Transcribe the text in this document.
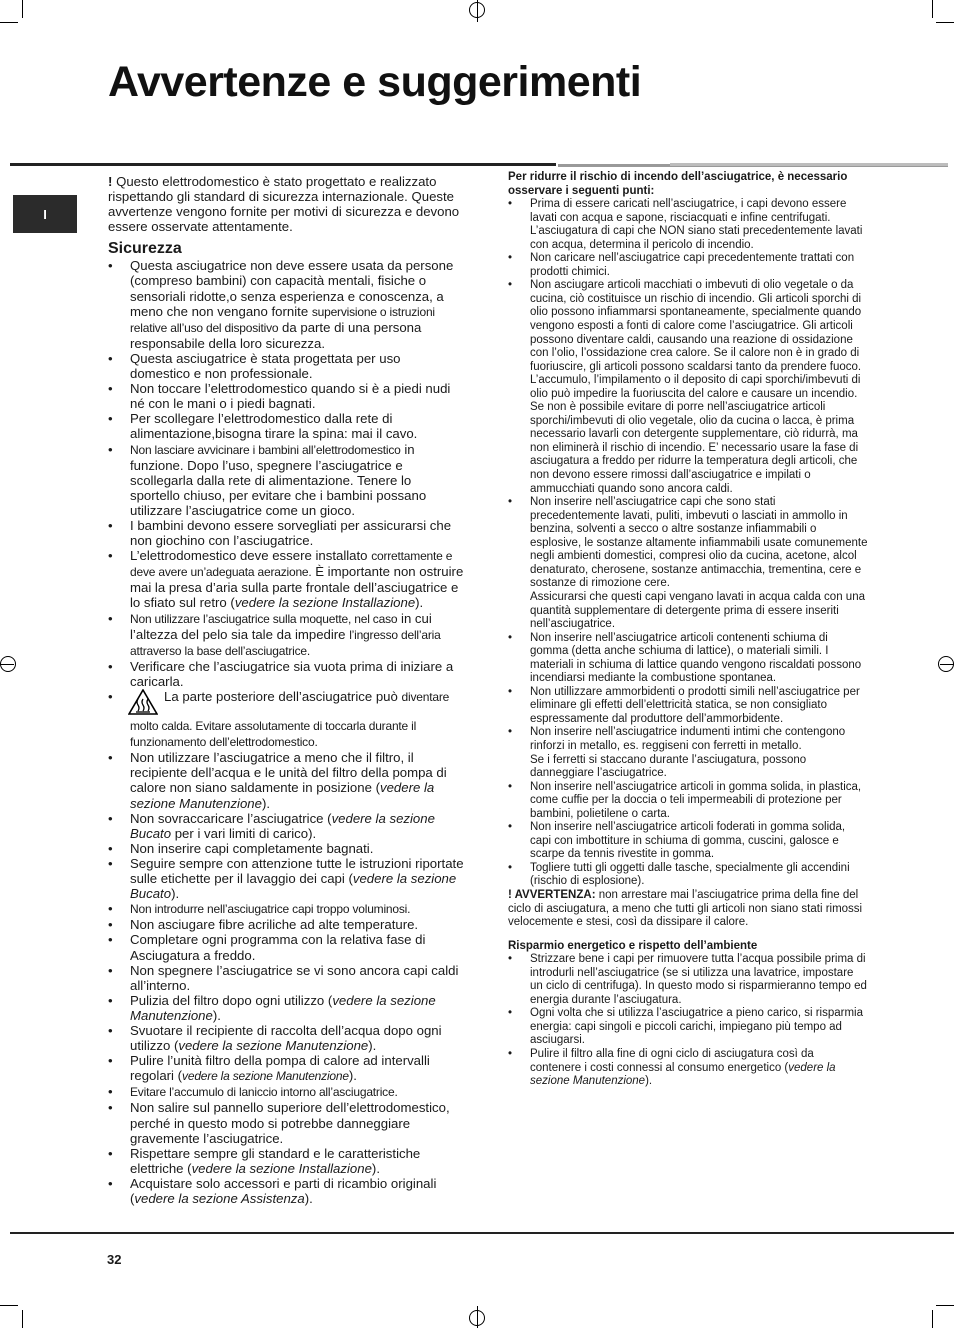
Avvertenze e suggerimenti
I

! Questo elettrodomestico è stato progettato e realizzato rispettando gli standard di sicurezza internazionale. Queste avvertenze vengono fornite per motivi di sicurezza e devono essere osservate attentamente.

Sicurezza
• Questa asciugatrice non deve essere usata da persone (compreso bambini) con capacità mentali, fisiche o sensoriali ridotte,o senza esperienza e conoscenza, a meno che non vengano fornite supervisione o istruzioni relative all’uso del dispositivo da parte di una persona responsabile della loro sicurezza.
• Questa asciugatrice è stata progettata per uso domestico e non professionale.
• Non toccare l’elettrodomestico quando si è a piedi nudi né con le mani o i piedi bagnati.
• Per scollegare l’elettrodomestico dalla rete di alimentazione,bisogna tirare la spina: mai il cavo.
• Non lasciare avvicinare i bambini all’elettrodomestico in funzione. Dopo l’uso, spegnere l’asciugatrice e scollegarla dalla rete di alimentazione. Tenere lo sportello chiuso, per evitare che i bambini possano utilizzare l’asciugatrice come un gioco.
• I bambini devono essere sorvegliati per assicurarsi che non giochino con l’asciugatrice.
• L’elettrodomestico deve essere installato correttamente e deve avere un’adeguata aerazione. È importante non ostruire mai la presa d’aria sulla parte frontale dell’asciugatrice e lo sfiato sul retro (vedere la sezione Installazione).
• Non utilizzare l’asciugatrice sulla moquette, nel caso in cui l’altezza del pelo sia tale da impedire l’ingresso dell’aria attraverso la base dell’asciugatrice.
• Verificare che l’asciugatrice sia vuota prima di iniziare a caricarla.
• La parte posteriore dell’asciugatrice può diventare molto calda. Evitare assolutamente di toccarla durante il funzionamento dell’elettrodomestico.
• Non utilizzare l’asciugatrice a meno che il filtro, il recipiente dell’acqua e le unità del filtro della pompa di calore non siano saldamente in posizione (vedere la sezione Manutenzione).
• Non sovraccaricare l’asciugatrice (vedere la sezione Bucato per i vari limiti di carico).
• Non inserire capi completamente bagnati.
• Seguire sempre con attenzione tutte le istruzioni riportate sulle etichette per il lavaggio dei capi (vedere la sezione Bucato).
• Non introdurre nell’asciugatrice capi troppo voluminosi.
• Non asciugare fibre acriliche ad alte temperature.
• Completare ogni programma con la relativa fase di Asciugatura a freddo.
• Non spegnere l’asciugatrice se vi sono ancora capi caldi all’interno.
• Pulizia del filtro dopo ogni utilizzo (vedere la sezione Manutenzione).
• Svuotare il recipiente di raccolta dell’acqua dopo ogni utilizzo (vedere la sezione Manutenzione).
• Pulire l’unità filtro della pompa di calore ad intervalli regolari (vedere la sezione Manutenzione).
• Evitare l’accumulo di laniccio intorno all’asciugatrice.
• Non salire sul pannello superiore dell’elettrodomestico, perché in questo modo si potrebbe danneggiare gravemente l’asciugatrice.
• Rispettare sempre gli standard e le caratteristiche elettriche (vedere la sezione Installazione).
• Acquistare solo accessori e parti di ricambio originali (vedere la sezione Assistenza).

Per ridurre il rischio di incendo dell’asciugatrice, è necessario osservare i seguenti punti:

• Prima di essere caricati nell’asciugatrice, i capi devono essere lavati con acqua e sapone, risciacquati e infine centrifugati. L’asciugatura di capi che NON siano stati precedentemente lavati con acqua, determina il pericolo di incendio.
• Non caricare nell’asciugatrice capi precedentemente trattati con prodotti chimici.
• Non asciugare articoli macchiati o imbevuti di olio vegetale o da cucina, ciò costituisce un rischio di incendio. Gli articoli sporchi di olio possono infiammarsi spontaneamente, specialmente quando vengono esposti a fonti di calore come l’asciugatrice. Gli articoli possono diventare caldi, causando una reazione di ossidazione con l’olio, l’ossidazione crea calore. Se il calore non è in grado di fuoriuscire, gli articoli possono scaldarsi tanto da prendere fuoco. L’accumulo, l’impilamento o il deposito di capi sporchi/imbevuti di olio può impedire la fuoriuscita del calore e causare un incendio.
Se non è possibile evitare di porre nell’asciugatrice articoli sporchi/imbevuti di olio vegetale, olio da cucina o lacca, è prima necessario lavarli con detergente supplementare, ciò ridurrà, ma non eliminerà il rischio di incendio. E’ necessario usare la fase di asciugatura a freddo per ridurre la temperatura degli articoli, che non devono essere rimossi dall’asciugatrice e impilati o ammucchiati quando sono ancora caldi.
• Non inserire nell’asciugatrice capi che sono stati precedentemente lavati, puliti, imbevuti o lasciati in ammollo in benzina, solventi a secco o altre sostanze infiammabili o esplosive, le sostanze altamente infiammabili usate comunemente negli ambienti domestici, compresi olio da cucina, acetone, alcol denaturato, cherosene, sostanze antimacchia, trementina, cere e sostanze di rimozione cere.
Assicurarsi che questi capi vengano lavati in acqua calda con una quantità supplementare di detergente prima di essere inseriti nell’asciugatrice.
• Non inserire nell’asciugatrice articoli contenenti schiuma di gomma (detta anche schiuma di lattice), o materiali simili. I materiali in schiuma di lattice quando vengono riscaldati possono incendiarsi mediante la combustione spontanea.
• Non utillizzare ammorbidenti o prodotti simili nell’asciugatrice per eliminare gli effetti dell’elettricità statica, se non consigliato espressamente dal produttore dell’ammorbidente.
• Non inserire nell’asciugatrice indumenti intimi che contengono rinforzi in metallo, es. reggiseni con ferretti in metallo.
Se i ferretti si staccano durante l’asciugatura, possono danneggiare l’asciugatrice.
• Non inserire nell’asciugatrice articoli in gomma solida, in plastica, come cuffie per la doccia o teli impermeabili di protezione per bambini, polietilene o carta.
• Non inserire nell’asciugatrice articoli foderati in gomma solida, capi con imbottiture in schiuma di gomma, cuscini, galosce e scarpe da tennis rivestite in gomma.
• Togliere tutti gli oggetti dalle tasche, specialmente gli accendini (rischio di esplosione).

! AVVERTENZA: non arrestare mai l’asciugatrice prima della fine del ciclo di asciugatura, a meno che tutti gli articoli non siano stati rimossi velocemente e stesi, così da dissipare il calore.

Risparmio energetico e rispetto dell’ambiente

• Strizzare bene i capi per rimuovere tutta l’acqua possibile prima di introdurli nell’asciugatrice (se si utilizza una lavatrice, impostare un ciclo di centrifuga). In questo modo si risparmieranno tempo ed energia durante l’asciugatura.
• Ogni volta che si utilizza l’asciugatrice a pieno carico, si risparmia energia: capi singoli e piccoli carichi, impiegano più tempo ad asciugarsi.
• Pulire il filtro alla fine di ogni ciclo di asciugatura così da contenere i costi connessi al consumo energetico (vedere la sezione Manutenzione).
32
